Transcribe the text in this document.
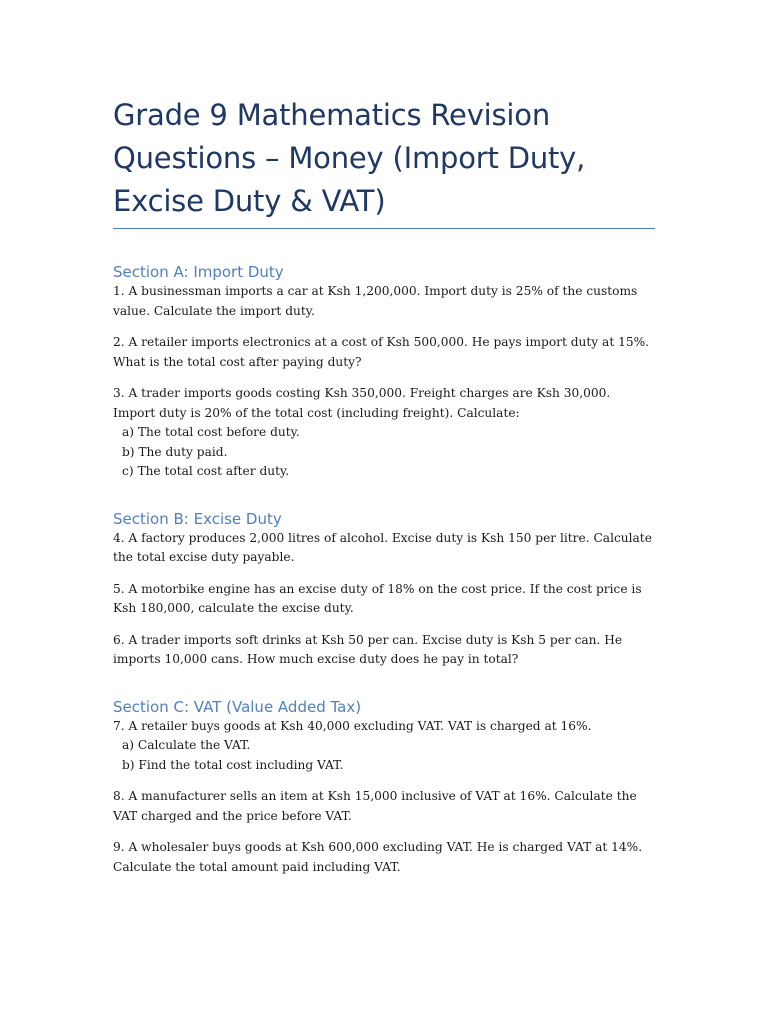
Grade 9 Mathematics Revision Questions – Money (Import Duty, Excise Duty & VAT)
Section A: Import Duty

1. A businessman imports a car at Ksh 1,200,000. Import duty is 25% of the customs value. Calculate the import duty.

2. A retailer imports electronics at a cost of Ksh 500,000. He pays import duty at 15%. What is the total cost after paying duty?

3. A trader imports goods costing Ksh 350,000. Freight charges are Ksh 30,000. Import duty is 20% of the total cost (including freight). Calculate:
a) The total cost before duty.
b) The duty paid.
c) The total cost after duty.

Section B: Excise Duty

4. A factory produces 2,000 litres of alcohol. Excise duty is Ksh 150 per litre. Calculate the total excise duty payable.

5. A motorbike engine has an excise duty of 18% on the cost price. If the cost price is Ksh 180,000, calculate the excise duty.

6. A trader imports soft drinks at Ksh 50 per can. Excise duty is Ksh 5 per can. He imports 10,000 cans. How much excise duty does he pay in total?

Section C: VAT (Value Added Tax)

7. A retailer buys goods at Ksh 40,000 excluding VAT. VAT is charged at 16%.
a) Calculate the VAT.
b) Find the total cost including VAT.

8. A manufacturer sells an item at Ksh 15,000 inclusive of VAT at 16%. Calculate the VAT charged and the price before VAT.

9. A wholesaler buys goods at Ksh 600,000 excluding VAT. He is charged VAT at 14%. Calculate the total amount paid including VAT.
